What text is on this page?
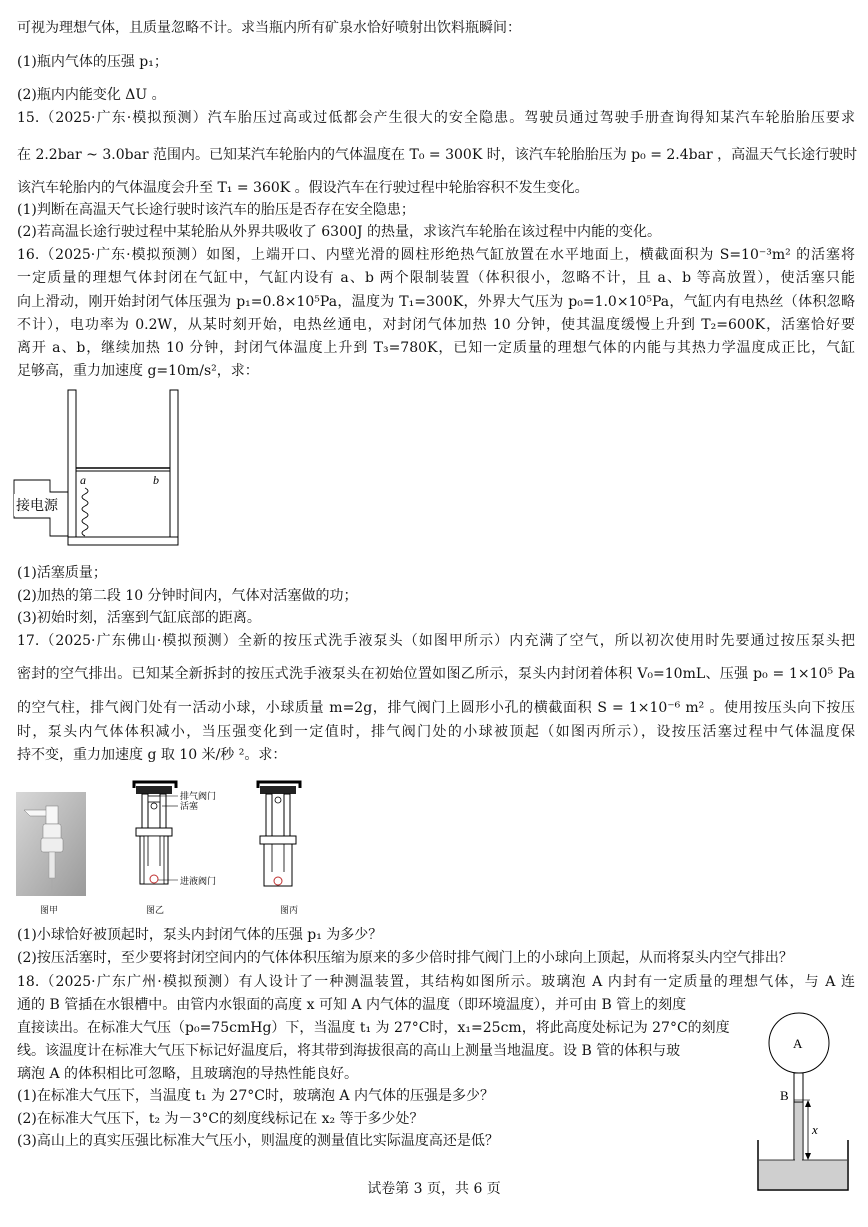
可视为理想气体，且质量忽略不计。求当瓶内所有矿泉水恰好喷射出饮料瓶瞬间：
(1)瓶内气体的压强 p₁；
(2)瓶内内能变化 ΔU 。
15.（2025·广东·模拟预测）汽车胎压过高或过低都会产生很大的安全隐患。驾驶员通过驾驶手册查询得知某汽车轮胎胎压要求
在 2.2bar ~ 3.0bar 范围内。已知某汽车轮胎内的气体温度在 T₀ = 300K 时，该汽车轮胎胎压为 p₀ = 2.4bar ，高温天气长途行驶时
该汽车轮胎内的气体温度会升至 T₁ = 360K 。假设汽车在行驶过程中轮胎容积不发生变化。
(1)判断在高温天气长途行驶时该汽车的胎压是否存在安全隐患；
(2)若高温长途行驶过程中某轮胎从外界共吸收了 6300J 的热量，求该汽车轮胎在该过程中内能的变化。
16.（2025·广东·模拟预测）如图，上端开口、内壁光滑的圆柱形绝热气缸放置在水平地面上，横截面积为 S=10⁻³m² 的活塞将
一定质量的理想气体封闭在气缸中，气缸内设有 a、b 两个限制装置（体积很小，忽略不计，且 a、b 等高放置），使活塞只能
向上滑动，刚开始封闭气体压强为 p₁=0.8×10⁵Pa，温度为 T₁=300K，外界大气压为 p₀=1.0×10⁵Pa，气缸内有电热丝（体积忽略
不计），电功率为 0.2W，从某时刻开始，电热丝通电，对封闭气体加热 10 分钟，使其温度缓慢上升到 T₂=600K，活塞恰好要
离开 a、b，继续加热 10 分钟，封闭气体温度上升到 T₃=780K，已知一定质量的理想气体的内能与其热力学温度成正比，气缸
足够高，重力加速度 g=10m/s²，求：
a	b
接电源
(1)活塞质量；
(2)加热的第二段 10 分钟时间内，气体对活塞做的功；
(3)初始时刻，活塞到气缸底部的距离。
17.（2025·广东佛山·模拟预测）全新的按压式洗手液泵头（如图甲所示）内充满了空气，所以初次使用时先要通过按压泵头把
密封的空气排出。已知某全新拆封的按压式洗手液泵头在初始位置如图乙所示，泵头内封闭着体积 V₀=10mL、压强 p₀ = 1×10⁵ Pa
的空气柱，排气阀门处有一活动小球，小球质量 m=2g，排气阀门上圆形小孔的横截面积 S = 1×10⁻⁶ m² 。使用按压头向下按压
时，泵头内气体体积减小，当压强变化到一定值时，排气阀门处的小球被顶起（如图丙所示），设按压活塞过程中气体温度保
持不变，重力加速度 g 取 10 米/秒 ²。求：
排气阀门
活塞
进液阀门
图甲	图乙	图丙
(1)小球恰好被顶起时，泵头内封闭气体的压强 p₁ 为多少？
(2)按压活塞时，至少要将封闭空间内的气体体积压缩为原来的多少倍时排气阀门上的小球向上顶起，从而将泵头内空气排出？
18.（2025·广东广州·模拟预测）有人设计了一种测温装置，其结构如图所示。玻璃泡 A 内封有一定质量的理想气体，与 A 连
通的 B 管插在水银槽中。由管内水银面的高度 x 可知 A 内气体的温度（即环境温度），并可由 B 管上的刻度
直接读出。在标准大气压（p₀=75cmHg）下，当温度 t₁ 为 27°C时，x₁=25cm，将此高度处标记为 27°C的刻度
线。该温度计在标准大气压下标记好温度后，将其带到海拔很高的高山上测量当地温度。设 B 管的体积与玻
璃泡 A 的体积相比可忽略，且玻璃泡的导热性能良好。
(1)在标准大气压下，当温度 t₁ 为 27°C时，玻璃泡 A 内气体的压强是多少？
(2)在标准大气压下，t₂ 为－3°C的刻度线标记在 x₂ 等于多少处？
(3)高山上的真实压强比标准大气压小，则温度的测量值比实际温度高还是低？
A
B
x
试卷第 3 页，共 6 页
